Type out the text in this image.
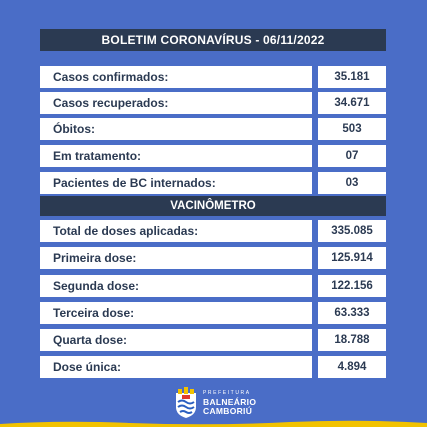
BOLETIM CORONAVÍRUS - 06/11/2022
Casos confirmados:	35.181
Casos recuperados:	34.671
Óbitos:	503
Em tratamento:	07
Pacientes de BC internados:	03
VACINÔMETRO
Total de doses aplicadas:	335.085
Primeira dose:	125.914
Segunda dose:	122.156
Terceira dose:	63.333
Quarta dose:	18.788
Dose única:	4.894
PREFEITURA
BALNEÁRIO
CAMBORIÚ
